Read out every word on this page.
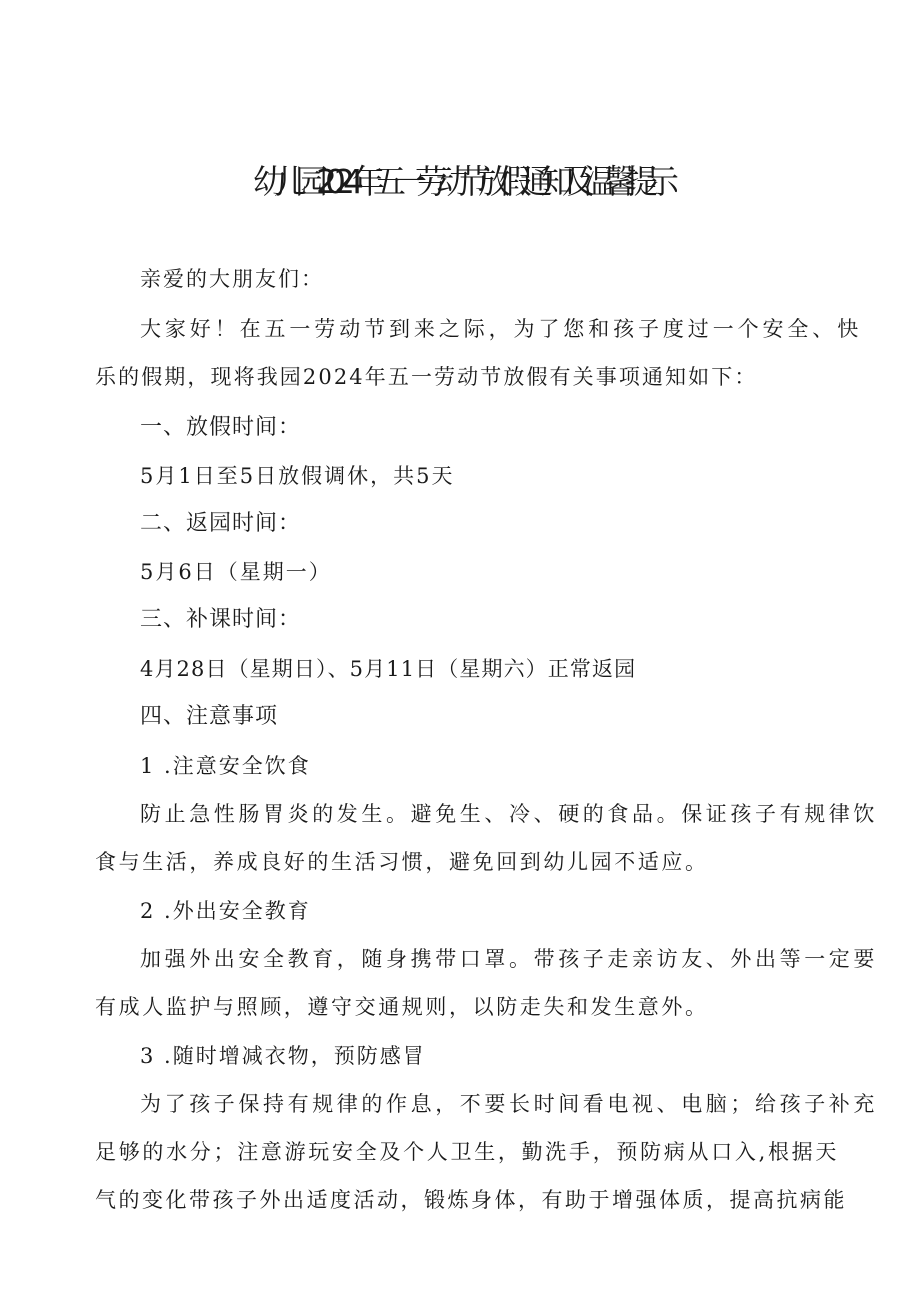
幼儿园2024年五一劳动节放假通知及温馨提示
亲爱的大朋友们：
大家好！在五一劳动节到来之际，为了您和孩子度过一个安全、快
乐的假期，现将我园2024年五一劳动节放假有关事项通知如下：
一、放假时间：
5月1日至5日放假调休，共5天
二、返园时间：
5月6日（星期一）
三、补课时间：
4月28日（星期日）、5月11日（星期六）正常返园
四、注意事项
1 .注意安全饮食
防止急性肠胃炎的发生。避免生、冷、硬的食品。保证孩子有规律饮
食与生活，养成良好的生活习惯，避免回到幼儿园不适应。
2 .外出安全教育
加强外出安全教育，随身携带口罩。带孩子走亲访友、外出等一定要
有成人监护与照顾，遵守交通规则，以防走失和发生意外。
3 .随时增减衣物，预防感冒
为了孩子保持有规律的作息，不要长时间看电视、电脑；给孩子补充
足够的水分；注意游玩安全及个人卫生，勤洗手，预防病从口入,根据天
气的变化带孩子外出适度活动，锻炼身体，有助于增强体质，提高抗病能
